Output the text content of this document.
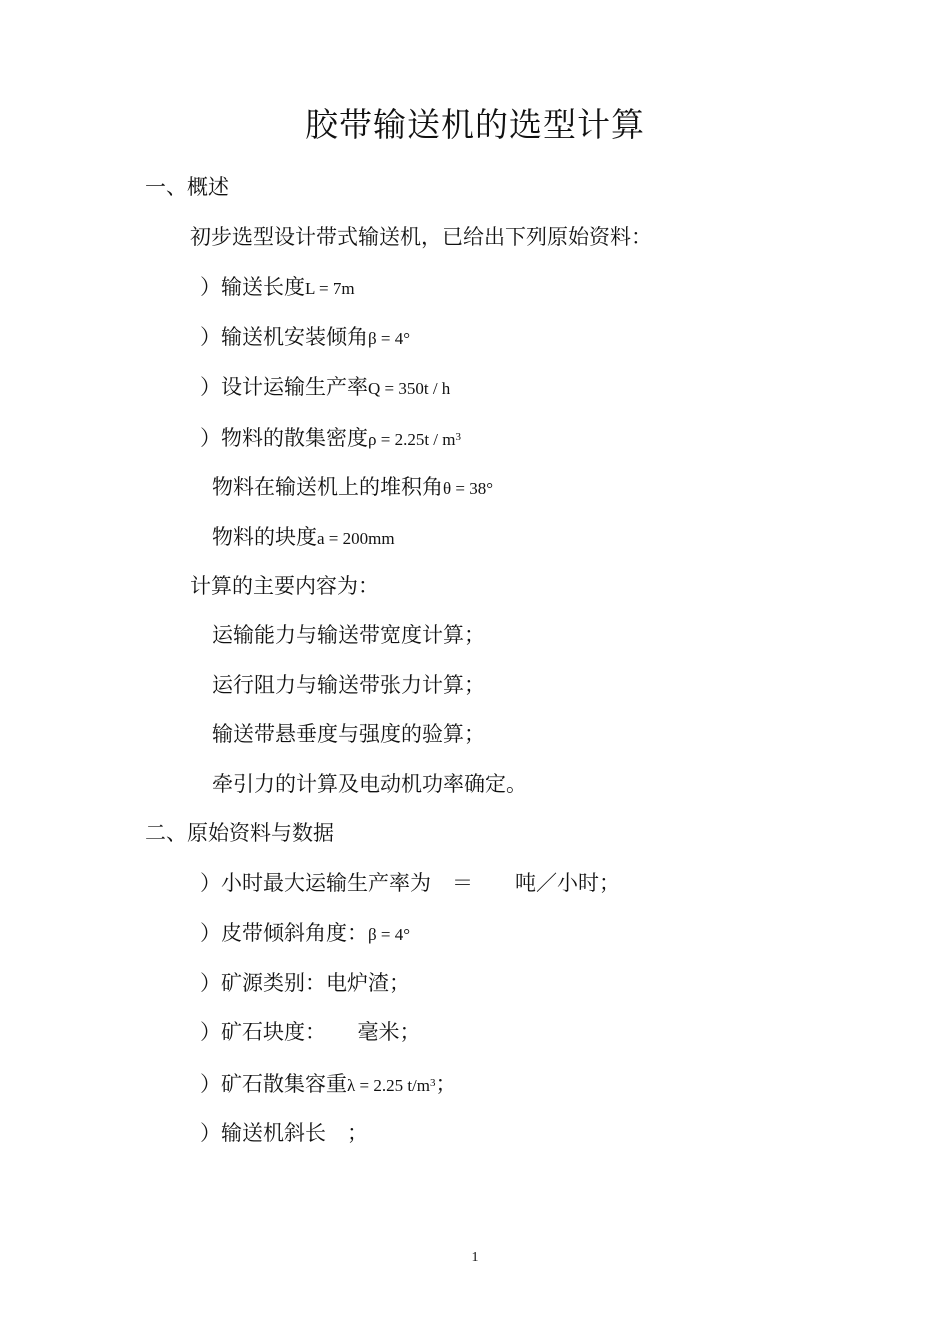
胶带输送机的选型计算
一、概述
初步选型设计带式输送机，已给出下列原始资料：
）输送长度L = 7m
）输送机安装倾角β = 4°
）设计运输生产率Q = 350t / h
）物料的散集密度$\rho = 2.25t / m^3$
物料在输送机上的堆积角θ = 38°
物料的块度a = 200mm
计算的主要内容为：
运输能力与输送带宽度计算；
运行阻力与输送带张力计算；
输送带悬垂度与强度的验算；
牵引力的计算及电动机功率确定。
二、原始资料与数据
）小时最大运输生产率为　＝　　吨／小时；
）皮带倾斜角度：β = 4°
）矿源类别：电炉渣；
）矿石块度：　　毫米；
）矿石散集容重λ = 2.25 $t/m^3$；
）输送机斜长　；
1
